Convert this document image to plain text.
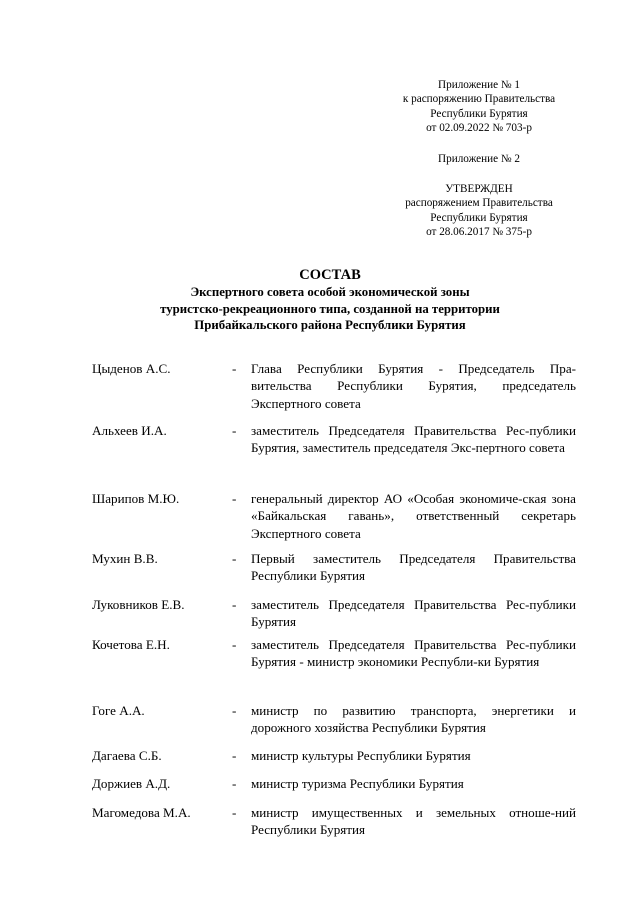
Приложение № 1
к распоряжению Правительства
Республики Бурятия
от 02.09.2022 № 703-р
Приложение № 2
УТВЕРЖДЕН
распоряжением Правительства
Республики Бурятия
от 28.06.2017 № 375-р
СОСТАВ
Экспертного совета особой экономической зоны
туристско-рекреационного типа, созданной на территории
Прибайкальского района Республики Бурятия
Цыденов А.С.	-	Глава Республики Бурятия - Председатель Пра-вительства Республики Бурятия, председатель Экспертного совета
Альхеев И.А.	-	заместитель Председателя Правительства Рес-публики Бурятия, заместитель председателя Экс-пертного совета
Шарипов М.Ю.	-	генеральный директор АО «Особая экономиче-ская зона «Байкальская гавань», ответственный секретарь Экспертного совета
Мухин В.В.	-	Первый заместитель Председателя Правительства Республики Бурятия
Луковников Е.В.	-	заместитель Председателя Правительства Рес-публики Бурятия
Кочетова Е.Н.	-	заместитель Председателя Правительства Рес-публики Бурятия - министр экономики Республи-ки Бурятия
Гоге А.А.	-	министр по развитию транспорта, энергетики и дорожного хозяйства Республики Бурятия
Дагаева С.Б.	-	министр культуры Республики Бурятия
Доржиев А.Д.	-	министр туризма Республики Бурятия
Магомедова М.А.	-	министр имущественных и земельных отноше-ний Республики Бурятия
